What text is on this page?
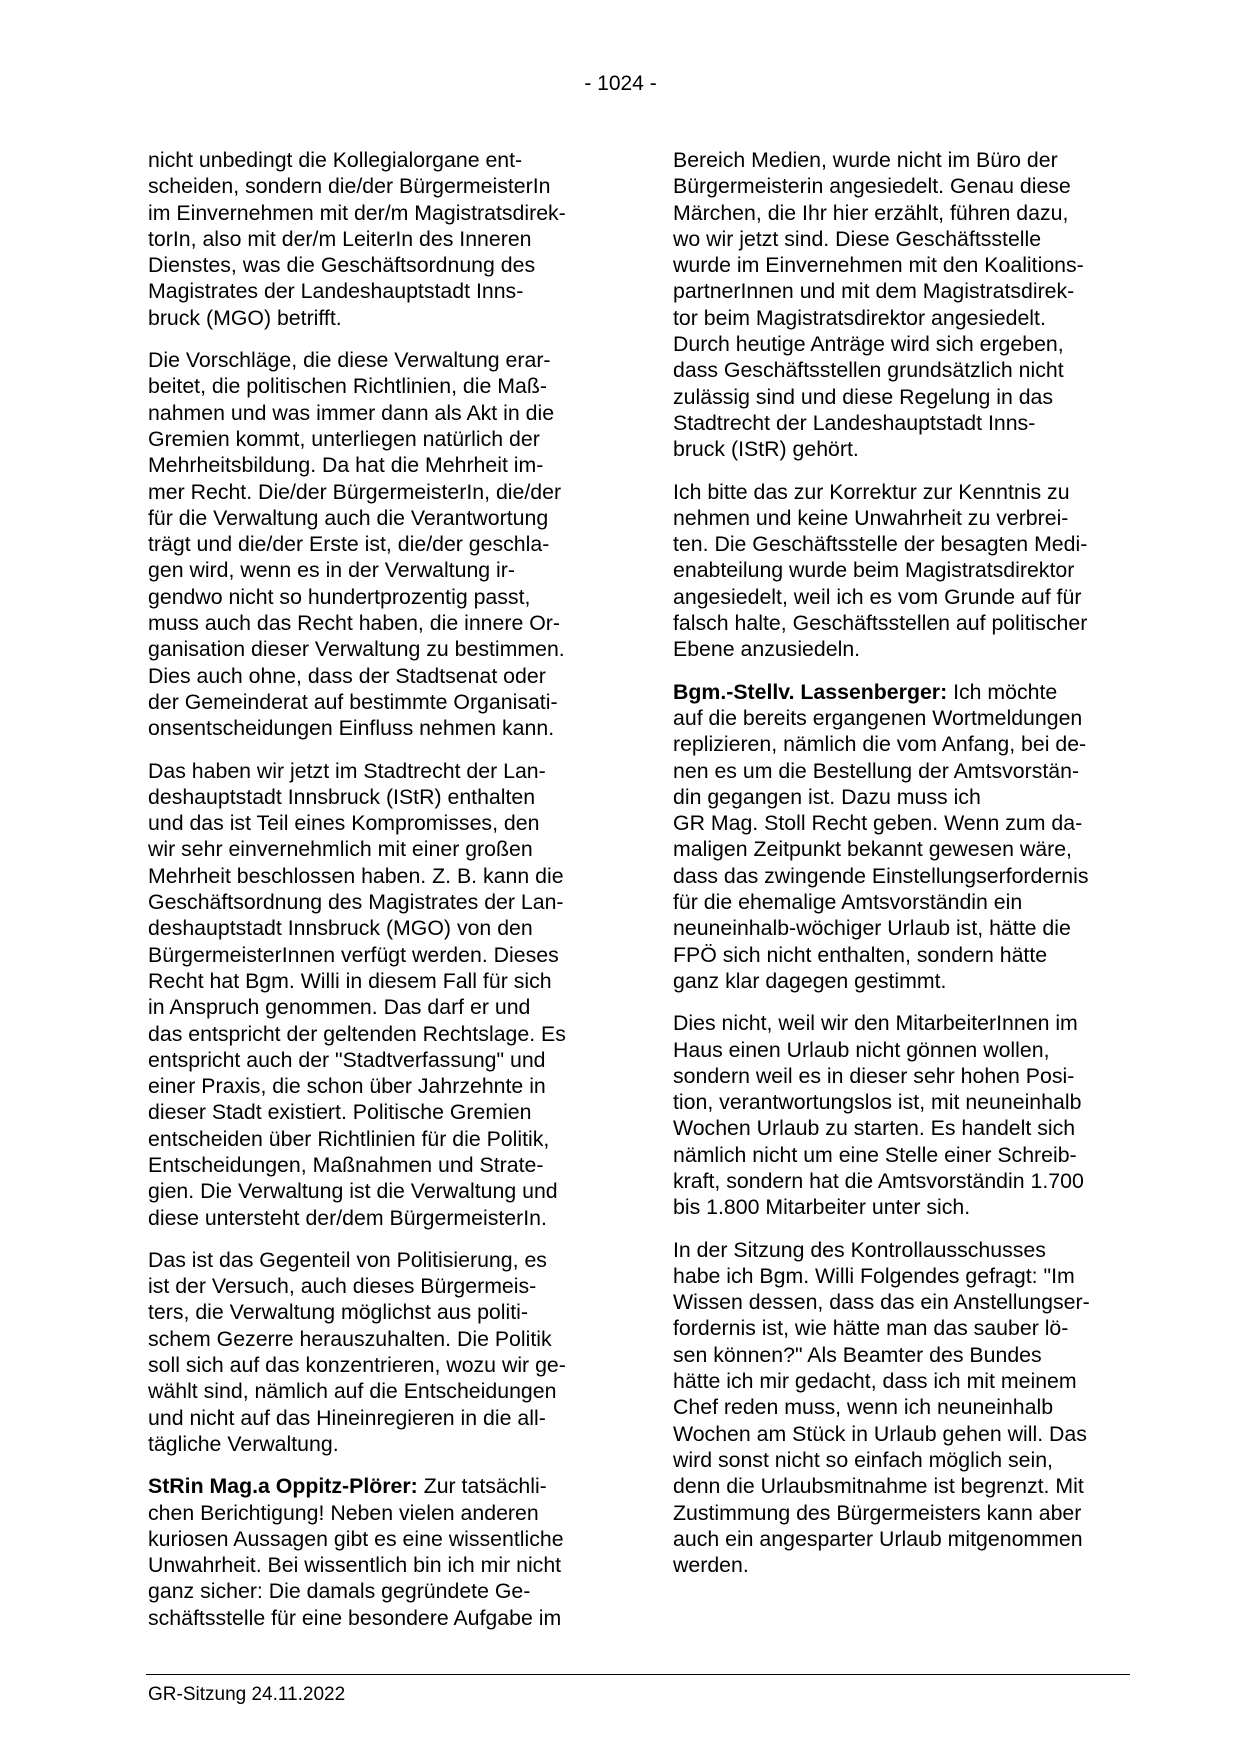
- 1024 -
nicht unbedingt die Kollegialorgane ent-
scheiden, sondern die/der BürgermeisterIn
im Einvernehmen mit der/m Magistratsdirek-
torIn, also mit der/m LeiterIn des Inneren
Dienstes, was die Geschäftsordnung des
Magistrates der Landeshauptstadt Inns-
bruck (MGO) betrifft.
Die Vorschläge, die diese Verwaltung erar-
beitet, die politischen Richtlinien, die Maß-
nahmen und was immer dann als Akt in die
Gremien kommt, unterliegen natürlich der
Mehrheitsbildung. Da hat die Mehrheit im-
mer Recht. Die/der BürgermeisterIn, die/der
für die Verwaltung auch die Verantwortung
trägt und die/der Erste ist, die/der geschla-
gen wird, wenn es in der Verwaltung ir-
gendwo nicht so hundertprozentig passt,
muss auch das Recht haben, die innere Or-
ganisation dieser Verwaltung zu bestimmen.
Dies auch ohne, dass der Stadtsenat oder
der Gemeinderat auf bestimmte Organisati-
onsentscheidungen Einfluss nehmen kann.
Das haben wir jetzt im Stadtrecht der Lan-
deshauptstadt Innsbruck (IStR) enthalten
und das ist Teil eines Kompromisses, den
wir sehr einvernehmlich mit einer großen
Mehrheit beschlossen haben. Z. B. kann die
Geschäftsordnung des Magistrates der Lan-
deshauptstadt Innsbruck (MGO) von den
BürgermeisterInnen verfügt werden. Dieses
Recht hat Bgm. Willi in diesem Fall für sich
in Anspruch genommen. Das darf er und
das entspricht der geltenden Rechtslage. Es
entspricht auch der "Stadtverfassung" und
einer Praxis, die schon über Jahrzehnte in
dieser Stadt existiert. Politische Gremien
entscheiden über Richtlinien für die Politik,
Entscheidungen, Maßnahmen und Strate-
gien. Die Verwaltung ist die Verwaltung und
diese untersteht der/dem BürgermeisterIn.
Das ist das Gegenteil von Politisierung, es
ist der Versuch, auch dieses Bürgermeis-
ters, die Verwaltung möglichst aus politi-
schem Gezerre herauszuhalten. Die Politik
soll sich auf das konzentrieren, wozu wir ge-
wählt sind, nämlich auf die Entscheidungen
und nicht auf das Hineinregieren in die all-
tägliche Verwaltung.
StRin Mag.a Oppitz-Plörer: Zur tatsächli-
chen Berichtigung! Neben vielen anderen
kuriosen Aussagen gibt es eine wissentliche
Unwahrheit. Bei wissentlich bin ich mir nicht
ganz sicher: Die damals gegründete Ge-
schäftsstelle für eine besondere Aufgabe im
Bereich Medien, wurde nicht im Büro der
Bürgermeisterin angesiedelt. Genau diese
Märchen, die Ihr hier erzählt, führen dazu,
wo wir jetzt sind. Diese Geschäftsstelle
wurde im Einvernehmen mit den Koalitions-
partnerInnen und mit dem Magistratsdirek-
tor beim Magistratsdirektor angesiedelt.
Durch heutige Anträge wird sich ergeben,
dass Geschäftsstellen grundsätzlich nicht
zulässig sind und diese Regelung in das
Stadtrecht der Landeshauptstadt Inns-
bruck (IStR) gehört.
Ich bitte das zur Korrektur zur Kenntnis zu
nehmen und keine Unwahrheit zu verbrei-
ten. Die Geschäftsstelle der besagten Medi-
enabteilung wurde beim Magistratsdirektor
angesiedelt, weil ich es vom Grunde auf für
falsch halte, Geschäftsstellen auf politischer
Ebene anzusiedeln.
Bgm.-Stellv. Lassenberger: Ich möchte
auf die bereits ergangenen Wortmeldungen
replizieren, nämlich die vom Anfang, bei de-
nen es um die Bestellung der Amtsvorstän-
din gegangen ist. Dazu muss ich
GR Mag. Stoll Recht geben. Wenn zum da-
maligen Zeitpunkt bekannt gewesen wäre,
dass das zwingende Einstellungserfordernis
für die ehemalige Amtsvorständin ein
neuneinhalb-wöchiger Urlaub ist, hätte die
FPÖ sich nicht enthalten, sondern hätte
ganz klar dagegen gestimmt.
Dies nicht, weil wir den MitarbeiterInnen im
Haus einen Urlaub nicht gönnen wollen,
sondern weil es in dieser sehr hohen Posi-
tion, verantwortungslos ist, mit neuneinhalb
Wochen Urlaub zu starten. Es handelt sich
nämlich nicht um eine Stelle einer Schreib-
kraft, sondern hat die Amtsvorständin 1.700
bis 1.800 Mitarbeiter unter sich.
In der Sitzung des Kontrollausschusses
habe ich Bgm. Willi Folgendes gefragt: "Im
Wissen dessen, dass das ein Anstellungser-
fordernis ist, wie hätte man das sauber lö-
sen können?" Als Beamter des Bundes
hätte ich mir gedacht, dass ich mit meinem
Chef reden muss, wenn ich neuneinhalb
Wochen am Stück in Urlaub gehen will. Das
wird sonst nicht so einfach möglich sein,
denn die Urlaubsmitnahme ist begrenzt. Mit
Zustimmung des Bürgermeisters kann aber
auch ein angesparter Urlaub mitgenommen
werden.
GR-Sitzung 24.11.2022
